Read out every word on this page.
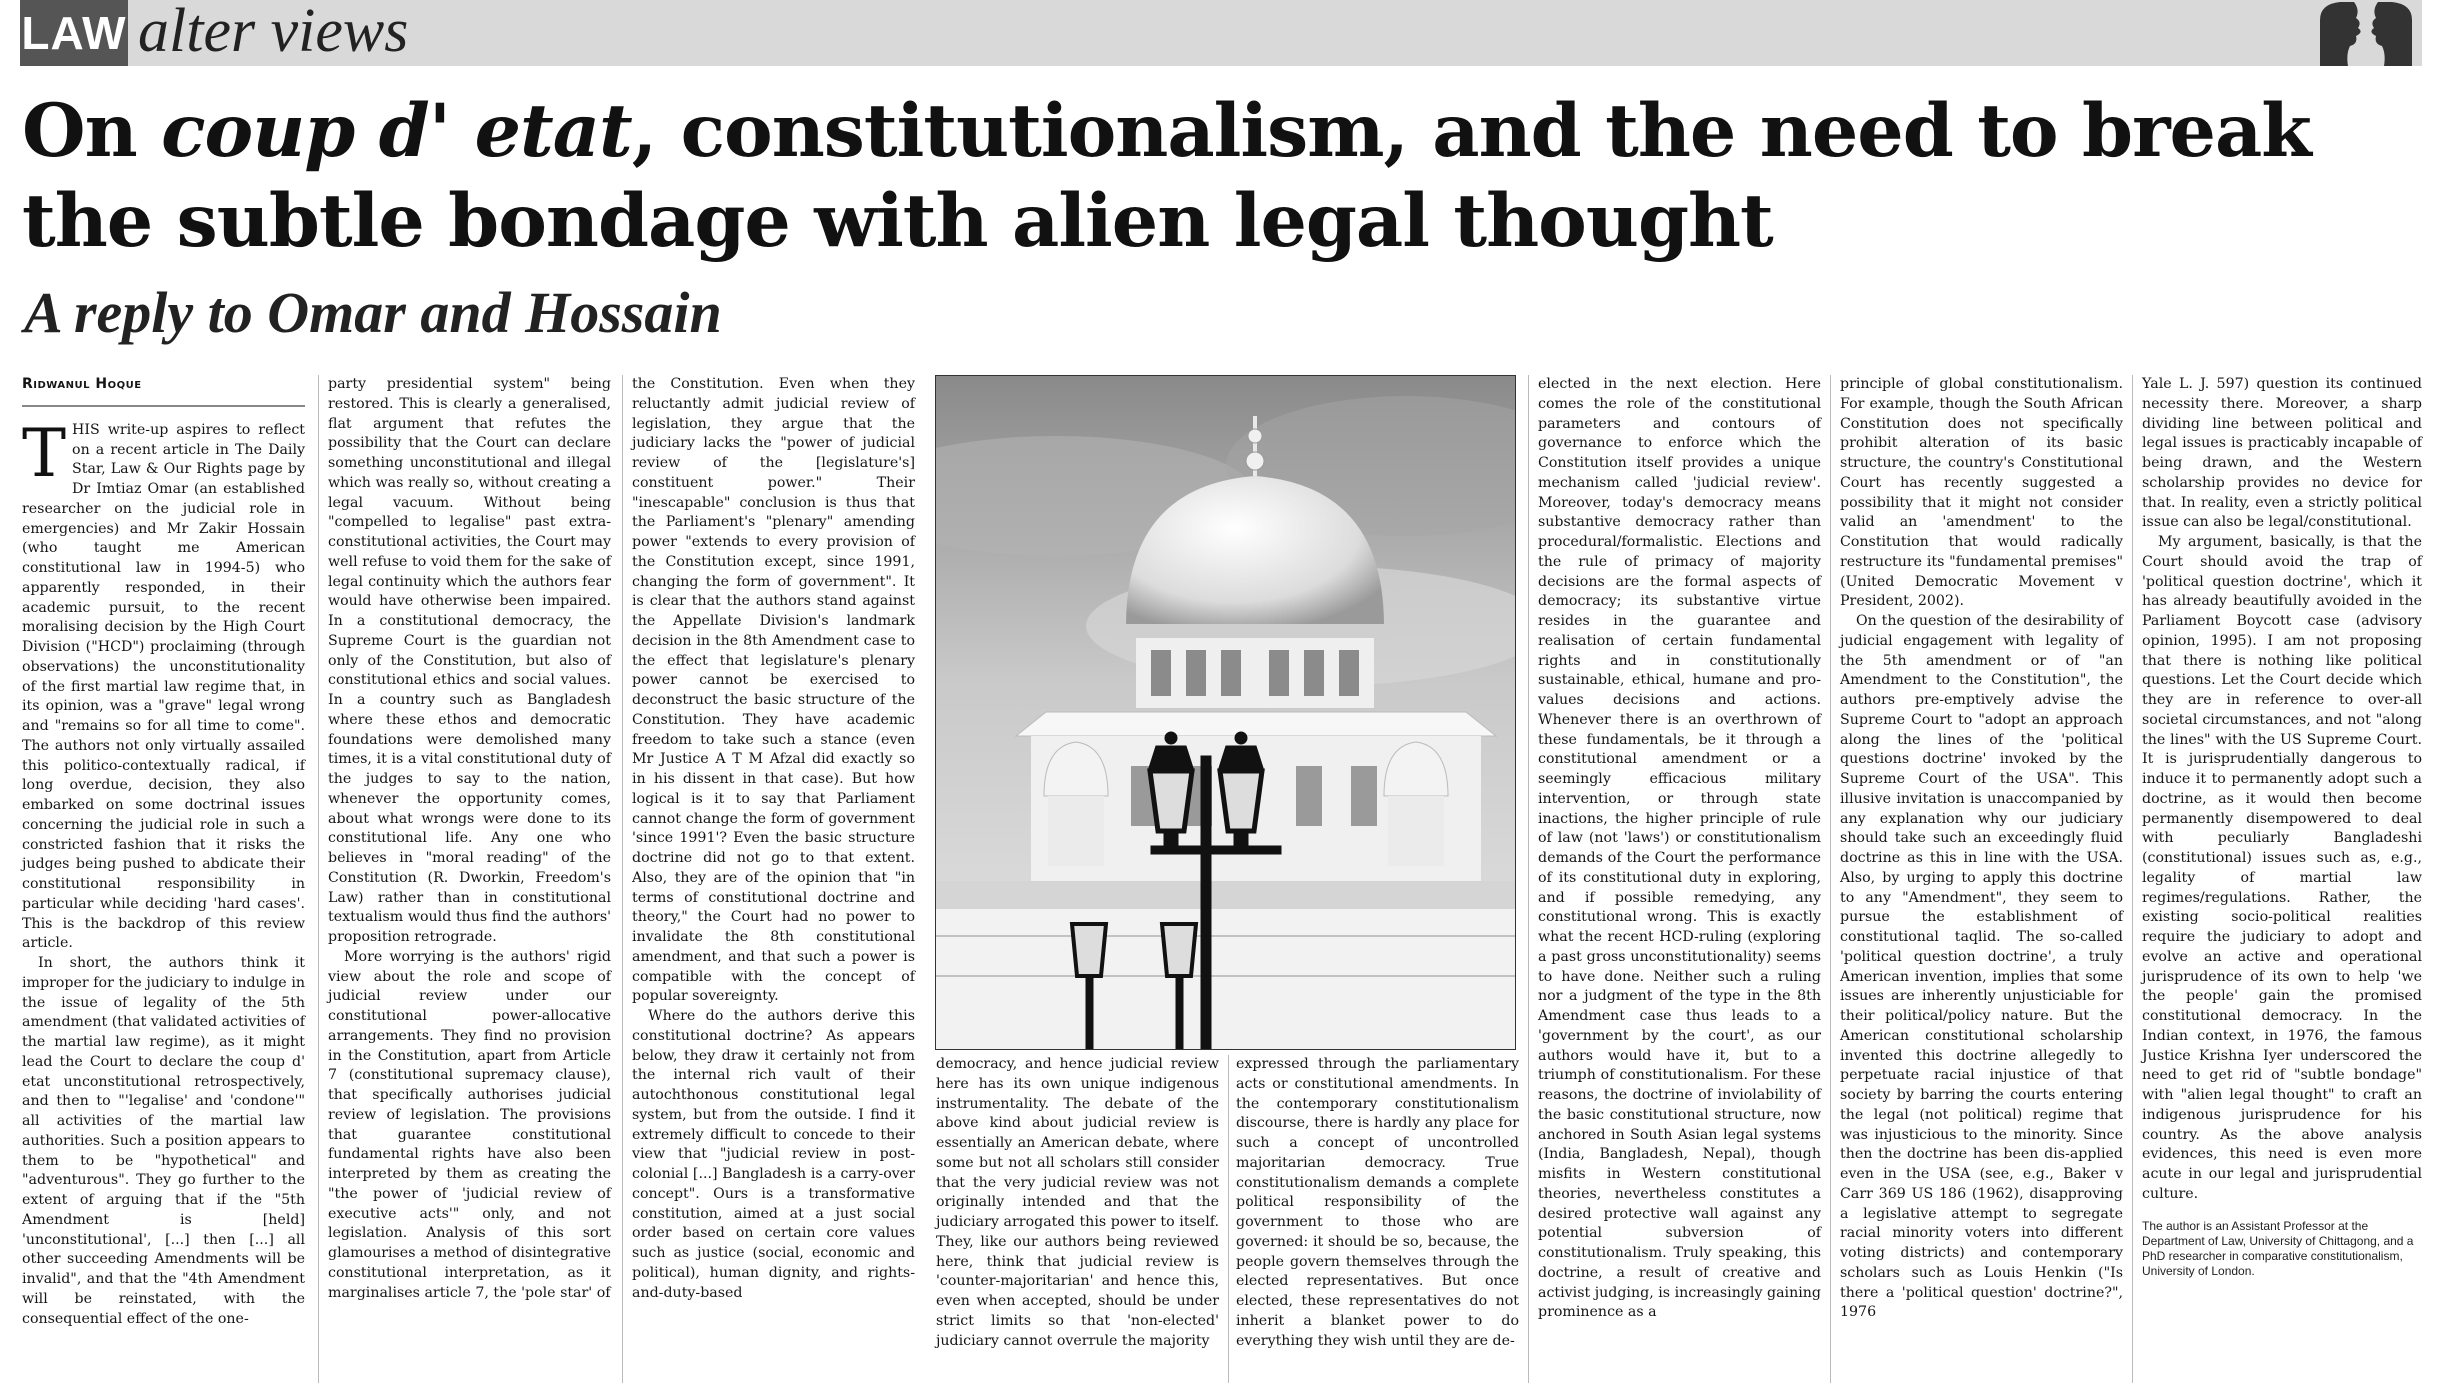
LAW alter views
On coup d' etat, constitutionalism, and the need to break the subtle bondage with alien legal thought
A reply to Omar and Hossain
Ridwanul Hoque

THIS write-up aspires to reflect on a recent article in The Daily Star, Law & Our Rights page by Dr Imtiaz Omar (an established researcher on the judicial role in emergencies) and Mr Zakir Hossain (who taught me American constitutional law in 1994-5) who apparently responded, in their academic pursuit, to the recent moralising decision by the High Court Division ("HCD") proclaiming (through observations) the unconstitutionality of the first martial law regime that, in its opinion, was a "grave" legal wrong and "remains so for all time to come". The authors not only virtually assailed this politico-contextually radical, if long overdue, decision, they also embarked on some doctrinal issues concerning the judicial role in such a constricted fashion that it risks the judges being pushed to abdicate their constitutional responsibility in particular while deciding 'hard cases'. This is the backdrop of this review article.

In short, the authors think it improper for the judiciary to indulge in the issue of legality of the 5th amendment (that validated activities of the martial law regime), as it might lead the Court to declare the coup d' etat unconstitutional retrospectively, and then to "'legalise' and 'condone'" all activities of the martial law authorities. Such a position appears to them to be "hypothetical" and "adventurous". They go further to the extent of arguing that if the "5th Amendment is [held] 'unconstitutional', [...] then [...] all other succeeding Amendments will be invalid", and that the "4th Amendment will be reinstated, with the consequential effect of the one-

party presidential system" being restored. This is clearly a generalised, flat argument that refutes the possibility that the Court can declare something unconstitutional and illegal which was really so, without creating a legal vacuum. Without being "compelled to legalise" past extra-constitutional activities, the Court may well refuse to void them for the sake of legal continuity which the authors fear would have otherwise been impaired. In a constitutional democracy, the Supreme Court is the guardian not only of the Constitution, but also of constitutional ethics and social values. In a country such as Bangladesh where these ethos and democratic foundations were demolished many times, it is a vital constitutional duty of the judges to say to the nation, whenever the opportunity comes, about what wrongs were done to its constitutional life. Any one who believes in "moral reading" of the Constitution (R. Dworkin, Freedom's Law) rather than in constitutional textualism would thus find the authors' proposition retrograde.

More worrying is the authors' rigid view about the role and scope of judicial review under our constitutional power-allocative arrangements. They find no provision in the Constitution, apart from Article 7 (constitutional supremacy clause), that specifically authorises judicial review of legislation. The provisions that guarantee constitutional fundamental rights have also been interpreted by them as creating the "the power of 'judicial review of executive acts'" only, and not legislation. Analysis of this sort glamourises a method of disintegrative constitutional interpretation, as it marginalises article 7, the 'pole star' of

the Constitution. Even when they reluctantly admit judicial review of legislation, they argue that the judiciary lacks the "power of judicial review of the [legislature's] constituent power." Their "inescapable" conclusion is thus that the Parliament's "plenary" amending power "extends to every provision of the Constitution except, since 1991, changing the form of government". It is clear that the authors stand against the Appellate Division's landmark decision in the 8th Amendment case to the effect that legislature's plenary power cannot be exercised to deconstruct the basic structure of the Constitution. They have academic freedom to take such a stance (even Mr Justice A T M Afzal did exactly so in his dissent in that case). But how logical is it to say that Parliament cannot change the form of government 'since 1991'? Even the basic structure doctrine did not go to that extent. Also, they are of the opinion that "in terms of constitutional doctrine and theory," the Court had no power to invalidate the 8th constitutional amendment, and that such a power is compatible with the concept of popular sovereignty.

Where do the authors derive this constitutional doctrine? As appears below, they draw it certainly not from the internal rich vault of their autochthonous constitutional legal system, but from the outside. I find it extremely difficult to concede to their view that "judicial review in post-colonial [...] Bangladesh is a carry-over concept". Ours is a transformative constitution, aimed at a just social order based on certain core values such as justice (social, economic and political), human dignity, and rights-and-duty-based

democracy, and hence judicial review here has its own unique indigenous instrumentality. The debate of the above kind about judicial review is essentially an American debate, where some but not all scholars still consider that the very judicial review was not originally intended and that the judiciary arrogated this power to itself. They, like our authors being reviewed here, think that judicial review is 'counter-majoritarian' and hence this, even when accepted, should be under strict limits so that 'non-elected' judiciary cannot overrule the majority

expressed through the parliamentary acts or constitutional amendments. In the contemporary constitutionalism discourse, there is hardly any place for such a concept of uncontrolled majoritarian democracy. True constitutionalism demands a complete political responsibility of the government to those who are governed: it should be so, because, the people govern themselves through the elected representatives. But once elected, these representatives do not inherit a blanket power to do everything they wish until they are de-

elected in the next election. Here comes the role of the constitutional parameters and contours of governance to enforce which the Constitution itself provides a unique mechanism called 'judicial review'. Moreover, today's democracy means substantive democracy rather than procedural/formalistic. Elections and the rule of primacy of majority decisions are the formal aspects of democracy; its substantive virtue resides in the guarantee and realisation of certain fundamental rights and in constitutionally sustainable, ethical, humane and pro-values decisions and actions. Whenever there is an overthrown of these fundamentals, be it through a constitutional amendment or a seemingly efficacious military intervention, or through state inactions, the higher principle of rule of law (not 'laws') or constitutionalism demands of the Court the performance of its constitutional duty in exploring, and if possible remedying, any constitutional wrong. This is exactly what the recent HCD-ruling (exploring a past gross unconstitutionality) seems to have done. Neither such a ruling nor a judgment of the type in the 8th Amendment case thus leads to a 'government by the court', as our authors would have it, but to a triumph of constitutionalism. For these reasons, the doctrine of inviolability of the basic constitutional structure, now anchored in South Asian legal systems (India, Bangladesh, Nepal), though misfits in Western constitutional theories, nevertheless constitutes a desired protective wall against any potential subversion of constitutionalism. Truly speaking, this doctrine, a result of creative and activist judging, is increasingly gaining prominence as a

principle of global constitutionalism. For example, though the South African Constitution does not specifically prohibit alteration of its basic structure, the country's Constitutional Court has recently suggested a possibility that it might not consider valid an 'amendment' to the Constitution that would radically restructure its "fundamental premises" (United Democratic Movement v President, 2002).

On the question of the desirability of judicial engagement with legality of the 5th amendment or of "an Amendment to the Constitution", the authors pre-emptively advise the Supreme Court to "adopt an approach along the lines of the 'political questions doctrine' invoked by the Supreme Court of the USA". This illusive invitation is unaccompanied by any explanation why our judiciary should take such an exceedingly fluid doctrine as this in line with the USA. Also, by urging to apply this doctrine to any "Amendment", they seem to pursue the establishment of constitutional taqlid. The so-called 'political question doctrine', a truly American invention, implies that some issues are inherently unjusticiable for their political/policy nature. But the American constitutional scholarship invented this doctrine allegedly to perpetuate racial injustice of that society by barring the courts entering the legal (not political) regime that was injusticious to the minority. Since then the doctrine has been dis-applied even in the USA (see, e.g., Baker v Carr 369 US 186 (1962), disapproving a legislative attempt to segregate racial minority voters into different voting districts) and contemporary scholars such as Louis Henkin ("Is there a 'political question' doctrine?", 1976

Yale L. J. 597) question its continued necessity there. Moreover, a sharp dividing line between political and legal issues is practicably incapable of being drawn, and the Western scholarship provides no device for that. In reality, even a strictly political issue can also be legal/constitutional.

My argument, basically, is that the Court should avoid the trap of 'political question doctrine', which it has already beautifully avoided in the Parliament Boycott case (advisory opinion, 1995). I am not proposing that there is nothing like political questions. Let the Court decide which they are in reference to over-all societal circumstances, and not "along the lines" with the US Supreme Court. It is jurisprudentially dangerous to induce it to permanently adopt such a doctrine, as it would then become permanently disempowered to deal with peculiarly Bangladeshi (constitutional) issues such as, e.g., legality of martial law regimes/regulations. Rather, the existing socio-political realities require the judiciary to adopt and evolve an active and operational jurisprudence of its own to help 'we the people' gain the promised constitutional democracy. In the Indian context, in 1976, the famous Justice Krishna Iyer underscored the need to get rid of "subtle bondage" with "alien legal thought" to craft an indigenous jurisprudence for his country. As the above analysis evidences, this need is even more acute in our legal and jurisprudential culture.

The author is an Assistant Professor at the Department of Law, University of Chittagong, and a PhD researcher in comparative constitutionalism, University of London.
